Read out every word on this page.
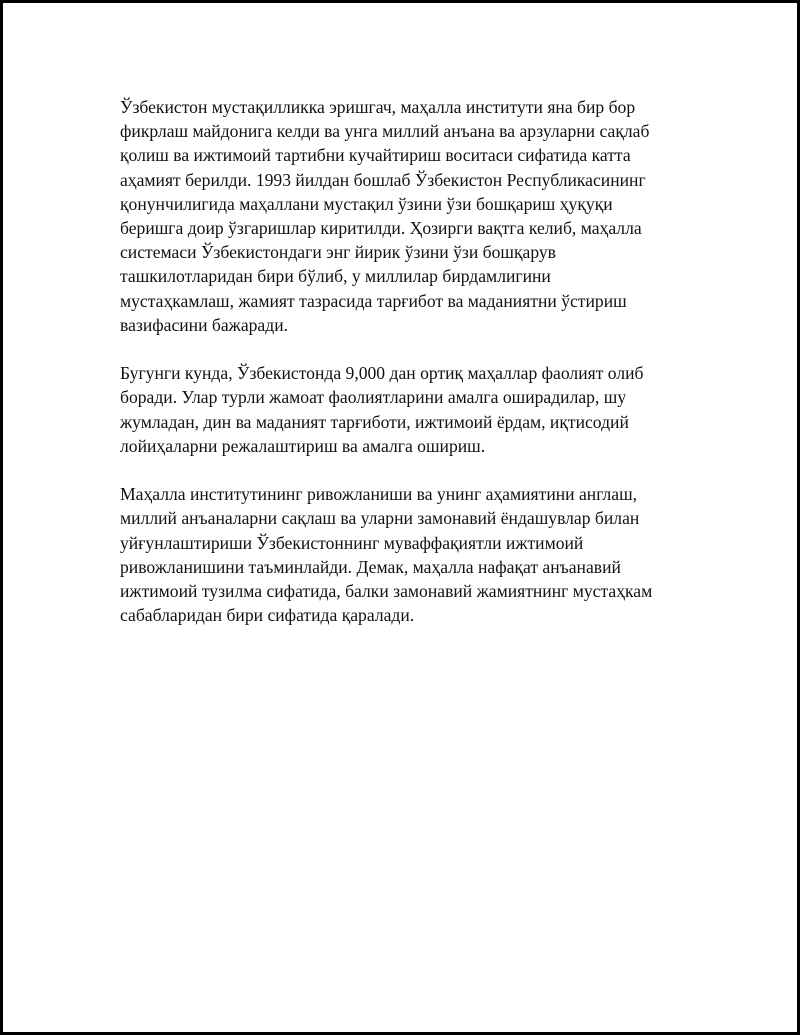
Ўзбекистон мустақилликка эришгач, маҳалла институти яна бир бор
фикрлаш майдонига келди ва унга миллий анъана ва арзуларни сақлаб
қолиш ва ижтимоий тартибни кучайтириш воситаси сифатида катта
аҳамият берилди. 1993 йилдан бошлаб Ўзбекистон Республикасининг
қонунчилигида маҳаллани мустақил ўзини ўзи бошқариш ҳуқуқи
беришга доир ўзгаришлар киритилди. Ҳозирги вақтга келиб, маҳалла
системаси Ўзбекистондаги энг йирик ўзини ўзи бошқарув
ташкилотларидан бири бўлиб, у миллилар бирдамлигини
мустаҳкамлаш, жамият тазрасида тарғибот ва маданиятни ўстириш
вазифасини бажаради.

Бугунги кунда, Ўзбекистонда 9,000 дан ортиқ маҳаллар фаолият олиб
боради. Улар турли жамоат фаолиятларини амалга оширадилар, шу
жумладан, дин ва маданият тарғиботи, ижтимоий ёрдам, иқтисодий
лойиҳаларни режалаштириш ва амалга ошириш.

Маҳалла институтининг ривожланиши ва унинг аҳамиятини англаш,
миллий анъаналарни сақлаш ва уларни замонавий ёндашувлар билан
уйғунлаштириши Ўзбекистоннинг муваффақиятли ижтимоий
ривожланишини таъминлайди. Демак, маҳалла нафақат анъанавий
ижтимоий тузилма сифатида, балки замонавий жамиятнинг мустаҳкам
сабабларидан бири сифатида қаралади.
